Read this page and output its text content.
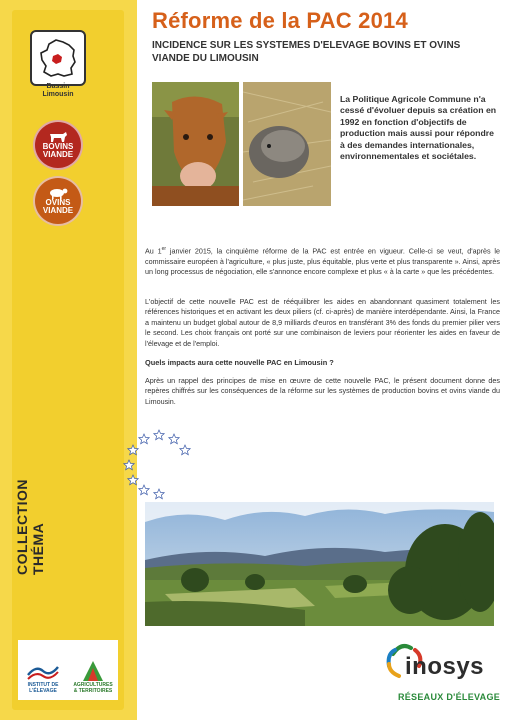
Bassin
Limousin
BOVINS
VIANDE
OVINS
VIANDE
COLLECTION THÉMA
INSTITUT DE
L'ÉLEVAGE
AGRICULTURES
& TERRITOIRES
Réforme de la PAC 2014
INCIDENCE SUR LES SYSTEMES D'ELEVAGE BOVINS ET OVINS VIANDE DU LIMOUSIN
La Politique Agricole Commune n'a cessé d'évoluer depuis sa création en 1992 en fonction d'objectifs de production mais aussi pour répondre à des demandes internationales, environnementales et sociétales.

Au 1er janvier 2015, la cinquième réforme de la PAC est entrée en vigueur. Celle-ci se veut, d'après le commissaire européen à l'agriculture, « plus juste, plus équitable, plus verte et plus transparente ». Ainsi, après un long processus de négociation, elle s'annonce encore complexe et plus « à la carte » que les précédentes.

L'objectif de cette nouvelle PAC est de rééquilibrer les aides en abandonnant quasiment totalement les références historiques et en activant les deux piliers (cf. ci-après) de manière interdépendante. Ainsi, la France a maintenu un budget global autour de 8,9 milliards d'euros en transférant 3% des fonds du premier pilier vers le second. Les choix français ont porté sur une combinaison de leviers pour réorienter les aides en faveur de l'élevage et de l'emploi.

Quels impacts aura cette nouvelle PAC en Limousin ?

Après un rappel des principes de mise en œuvre de cette nouvelle PAC, le présent document donne des repères chiffrés sur les conséquences de la réforme sur les systèmes de production bovins et ovins viande du Limousin.

inosys
RÉSEAUX D'ÉLEVAGE
